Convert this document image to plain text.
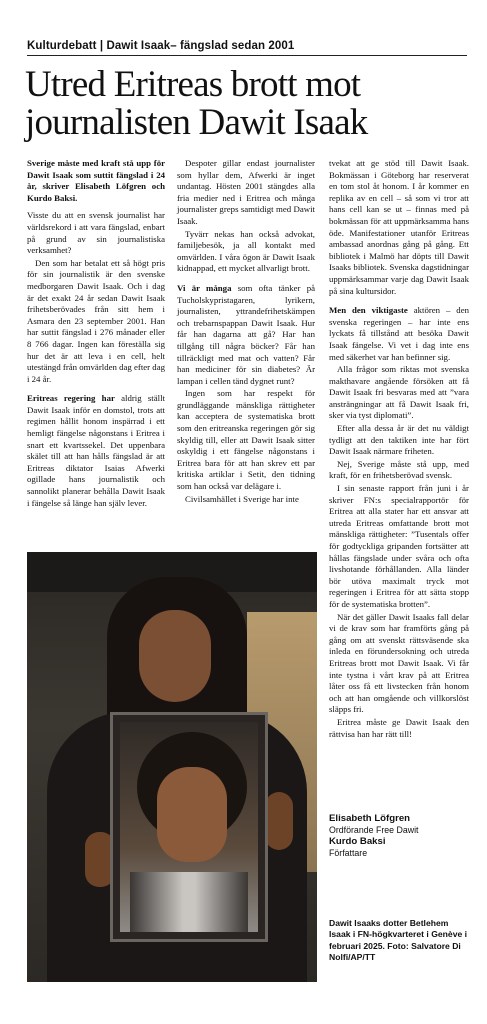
Kulturdebatt | Dawit Isaak– fängslad sedan 2001
Utred Eritreas brott mot journalisten Dawit Isaak

Sverige måste med kraft stå upp för Dawit Isaak som suttit fängslad i 24 år, skriver Elisabeth Löfgren och Kurdo Baksi.

Visste du att en svensk journalist har världsrekord i att vara fängslad, enbart på grund av sin journalistiska verksamhet?

Den som har betalat ett så högt pris för sin journalistik är den svenske medborgaren Dawit Isaak. Och i dag är det exakt 24 år sedan Dawit Isaak frihetsberövades från sitt hem i Asmara den 23 september 2001. Han har suttit fängslad i 276 månader eller 8 766 dagar. Ingen kan föreställa sig hur det är att leva i en cell, helt utestängd från omvärlden dag efter dag i 24 år.

Eritreas regering har aldrig ställt Dawit Isaak inför en domstol, trots att regimen hållit honom inspärrad i ett hemligt fängelse någonstans i Eritrea i snart ett kvartssekel. Det uppenbara skälet till att han hålls fängslad är att Eritreas diktator Isaias Afwerki ogillade hans journalistik och sannolikt planerar behålla Dawit Isaak i fängelse så länge han själv lever.

Despoter gillar endast journalister som hyllar dem, Afwerki är inget undantag. Hösten 2001 stängdes alla fria medier ned i Eritrea och många journalister greps samtidigt med Dawit Isaak.

Tyvärr nekas han också advokat, familjebesök, ja all kontakt med omvärlden. I våra ögon är Dawit Isaak kidnappad, ett mycket allvarligt brott.

Vi är många som ofta tänker på Tucholskypristagaren, lyrikern, journalisten, yttrandefrihetskämpen och trebarnspappan Dawit Isaak. Hur får han dagarna att gå? Har han tillgång till några böcker? Får han tillräckligt med mat och vatten? Får han mediciner för sin diabetes? Är lampan i cellen tänd dygnet runt?

Ingen som har respekt för grundläggande mänskliga rättigheter kan acceptera de systematiska brott som den eritreanska regeringen gör sig skyldig till, eller att Dawit Isaak sitter oskyldig i ett fängelse någonstans i Eritrea bara för att han skrev ett par kritiska artiklar i Setit, den tidning som han också var delägare i.

Civilsamhället i Sverige har inte

tvekat att ge stöd till Dawit Isaak. Bokmässan i Göteborg har reserverat en tom stol åt honom. I år kommer en replika av en cell – så som vi tror att hans cell kan se ut – finnas med på bokmässan för att uppmärksamma hans öde. Manifestationer utanför Eritreas ambassad anordnas gång på gång. Ett bibliotek i Malmö har döpts till Dawit Isaaks bibliotek. Svenska dagstidningar uppmärksammar varje dag Dawit Isaak på sina kultursidor.

Men den viktigaste aktören – den svenska regeringen – har inte ens lyckats få tillstånd att besöka Dawit Isaak fängelse. Vi vet i dag inte ens med säkerhet var han befinner sig.

Alla frågor som riktas mot svenska makthavare angående försöken att få Dawit Isaak fri besvaras med att ”vara ansträngningar att få Dawit Isaak fri, sker via tyst diplomati”.

Efter alla dessa år är det nu väldigt tydligt att den taktiken inte har fört Dawit Isaak närmare friheten.

Nej, Sverige måste stå upp, med kraft, för en frihetsberövad svensk.

I sin senaste rapport från juni i år skriver FN:s specialrapportör för Eritrea att alla stater har ett ansvar att utreda Eritreas omfattande brott mot mänskliga rättigheter: ”Tusentals offer för godtyckliga gripanden fortsätter att hållas fängslade under svåra och ofta livshotande förhållanden. Alla länder bör utöva maximalt tryck mot regeringen i Eritrea för att sätta stopp för de systematiska brotten”.

När det gäller Dawit Isaaks fall delar vi de krav som har framförts gång på gång om att svenskt rättsväsende ska inleda en förundersokning och utreda Eritreas brott mot Dawit Isaak. Vi får inte tystna i vårt krav på att Eritrea låter oss få ett livstecken från honom och att han omgående och villkorslöst släpps fri.

Eritrea måste ge Dawit Isaak den rättvisa han har rätt till!

Elisabeth Löfgren
Ordförande Free Dawit
Kurdo Baksi
Författare
Dawit Isaaks dotter Betlehem Isaak i FN-högkvarteret i Genève i februari 2025. Foto: Salvatore Di Nolfi/AP/TT
